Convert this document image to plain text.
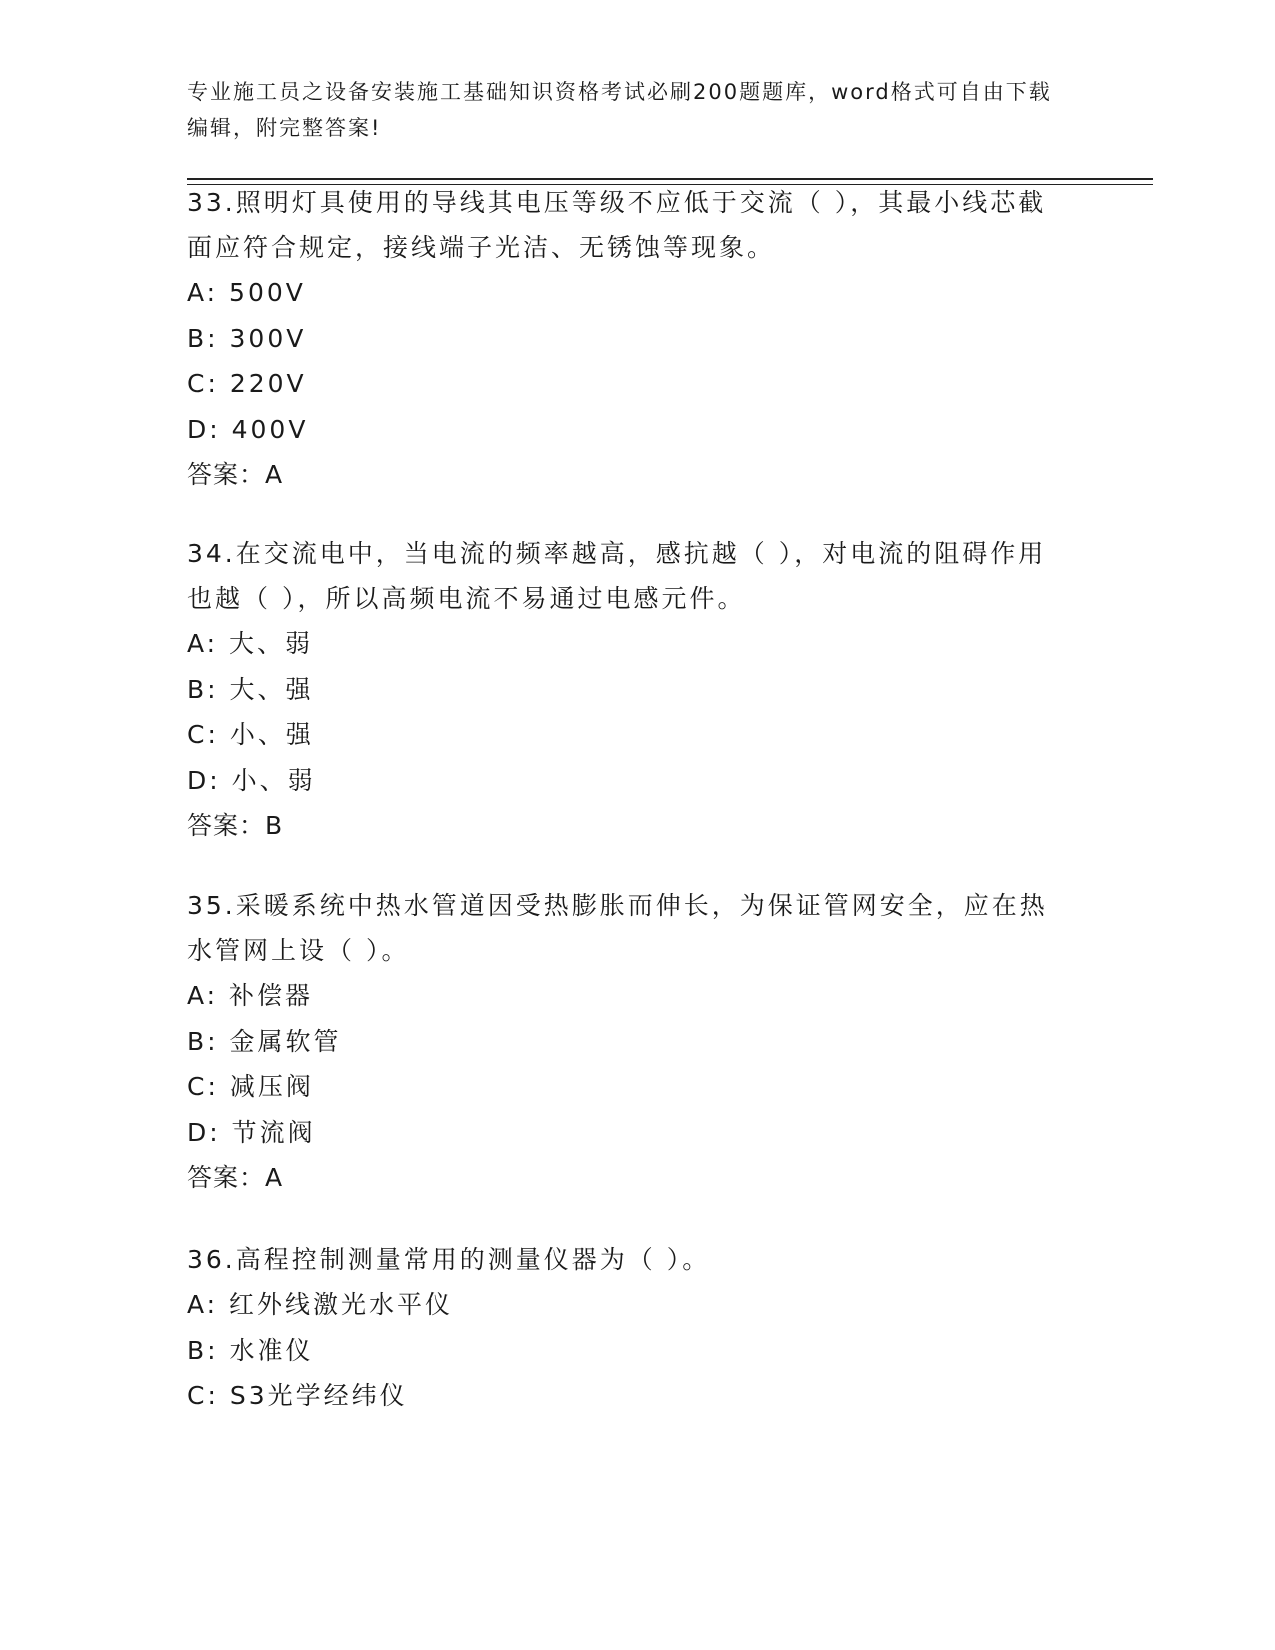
专业施工员之设备安装施工基础知识资格考试必刷200题题库，word格式可自由下载编辑，附完整答案!

33.照明灯具使用的导线其电压等级不应低于交流（ ），其最小线芯截面应符合规定，接线端子光洁、无锈蚀等现象。

A: 500V

B: 300V

C: 220V

D: 400V

答案：A

34.在交流电中，当电流的频率越高，感抗越（ ），对电流的阻碍作用也越（ ），所以高频电流不易通过电感元件。

A: 大、弱

B: 大、强

C: 小、强

D: 小、弱

答案：B

35.采暖系统中热水管道因受热膨胀而伸长，为保证管网安全，应在热水管网上设（ ）。

A: 补偿器

B: 金属软管

C: 减压阀

D: 节流阀

答案：A

36.高程控制测量常用的测量仪器为（ ）。

A: 红外线激光水平仪

B: 水准仪

C: S3光学经纬仪
